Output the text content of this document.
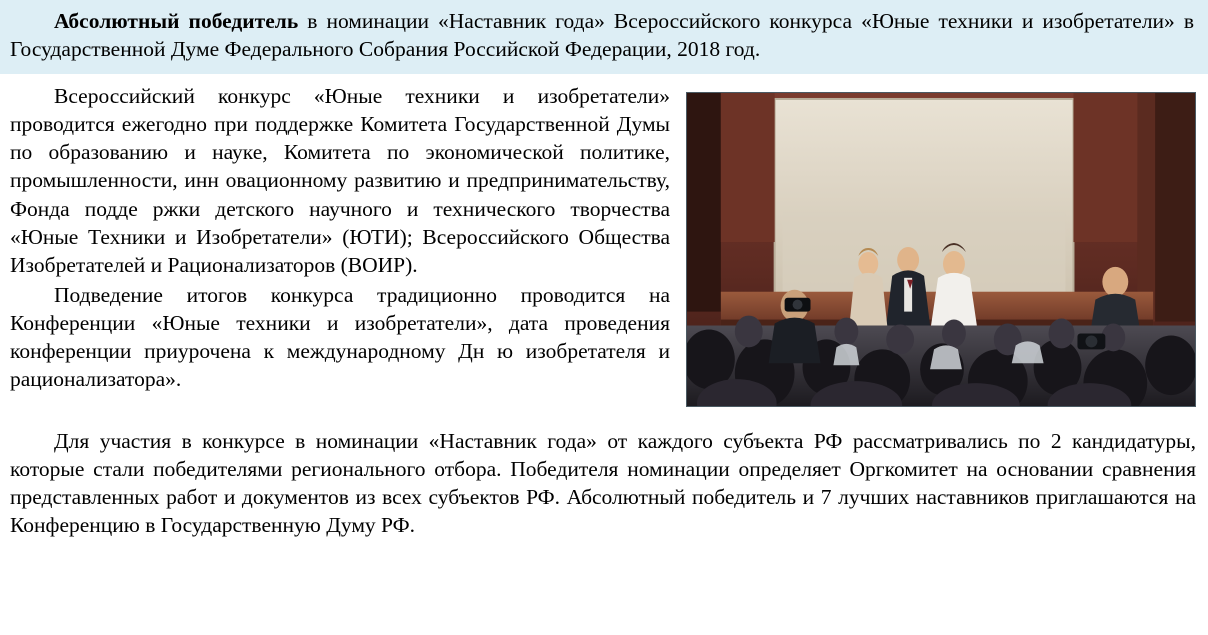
Абсолютный победитель в номинации «Наставник года» Всероссийского конкурса «Юные техники и изобретатели» в Государственной Думе Федерального Собрания Российской Федерации, 2018 год.

Всероссийский конкурс «Юные техники и изобретатели» проводится ежегодно при поддержке Комитета Государственной Думы по образованию и науке, Комитета по экономической политике, промышленности, инн овационному развитию и предпринимательству, Фонда подде ржки детского научного и технического творчества «Юные Техники и Изобретатели» (ЮТИ); Всероссийского Общества Изобретателей и Рационализаторов (ВОИР).

Подведение итогов конкурса традиционно проводится на Конференции «Юные техники и изобретатели», дата проведения конференции приурочена к международному Дн ю изобретателя и рационализатора».

Для участия в конкурсе в номинации «Наставник года» от каждого субъекта РФ рассматривались по 2 кандидатуры, которые стали победителями регионального отбора. Победителя номинации определяет Оргкомитет на основании сравнения представленных работ и документов из всех субъектов РФ. Абсолютный победитель и 7 лучших наставников приглашаются на Конференцию в Государственную Думу РФ.
